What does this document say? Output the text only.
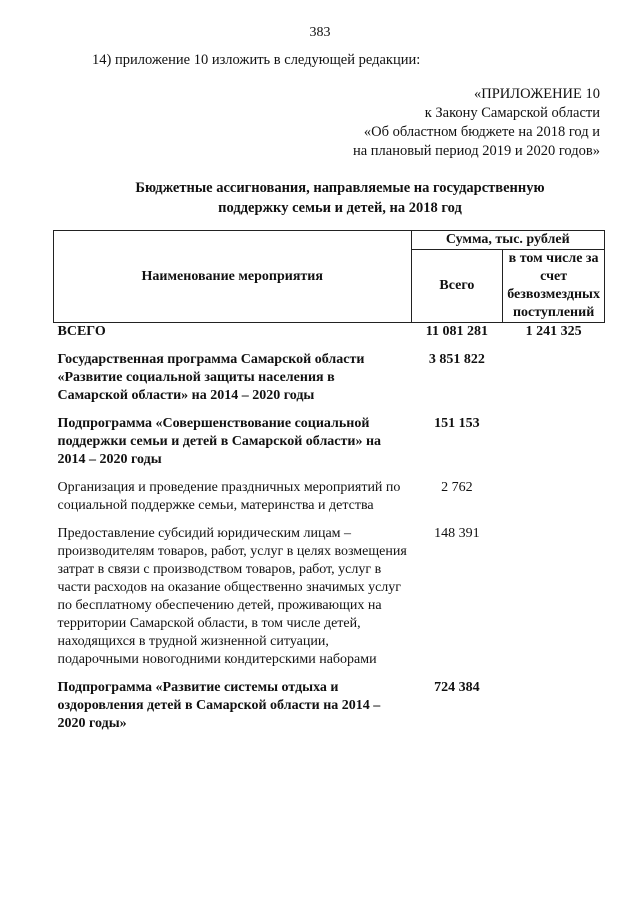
383
14) приложение 10 изложить в следующей редакции:
«ПРИЛОЖЕНИЕ 10
к Закону Самарской области
«Об областном бюджете на 2018 год и
на плановый период 2019 и 2020 годов»
Бюджетные ассигнования, направляемые на государственную
поддержку семьи и детей, на 2018 год
Наименование мероприятия	Сумма, тыс. рублей	
	Всего	в том числе за счет безвозмездных поступлений
ВСЕГО	11 081 281	1 241 325
Государственная программа Самарской области «Развитие социальной защиты населения в Самарской области» на 2014 – 2020 годы	3 851 822	
Подпрограмма «Совершенствование социальной поддержки семьи и детей в Самарской области» на 2014 – 2020 годы	151 153	
Организация и проведение праздничных мероприятий по социальной поддержке семьи, материнства и детства	2 762	
Предоставление субсидий юридическим лицам – производителям товаров, работ, услуг в целях возмещения затрат в связи с производством товаров, работ, услуг в части расходов на оказание общественно значимых услуг по бесплатному обеспечению детей, проживающих на территории Самарской области, в том числе детей, находящихся в трудной жизненной ситуации, подарочными новогодними кондитерскими наборами	148 391	
Подпрограмма «Развитие системы отдыха и оздоровления детей в Самарской области на 2014 – 2020 годы»	724 384	
